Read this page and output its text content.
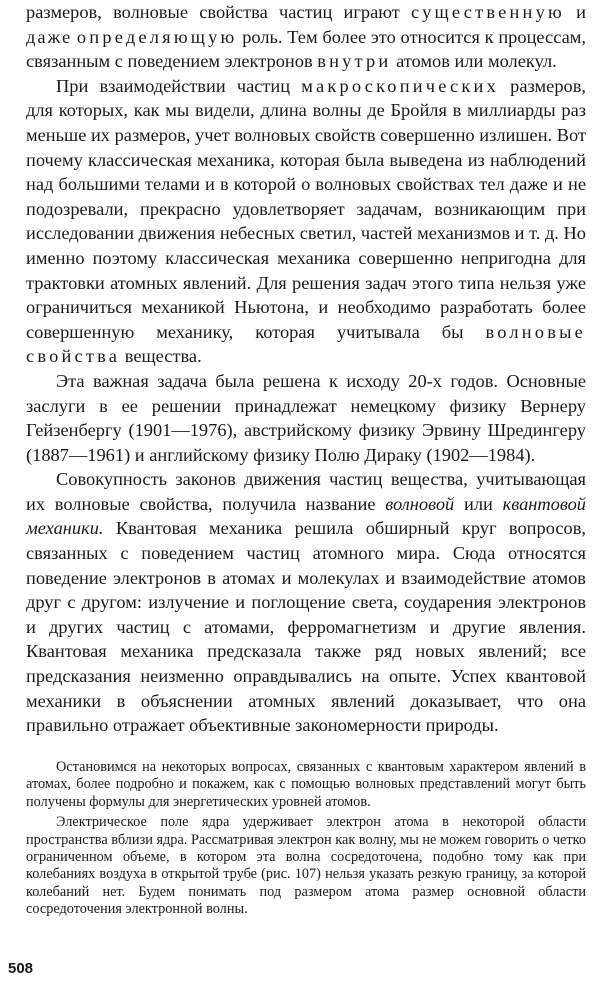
размеров, волновые свойства частиц играют существенную и даже определяющую роль. Тем более это относится к процессам, связанным с поведением электронов внутри атомов или молекул.

При взаимодействии частиц макроскопических размеров, для которых, как мы видели, длина волны де Бройля в миллиарды раз меньше их размеров, учет волновых свойств совершенно излишен. Вот почему классическая механика, которая была выведена из наблюдений над большими телами и в которой о волновых свойствах тел даже и не подозревали, прекрасно удовлетворяет задачам, возникающим при исследовании движения небесных светил, частей механизмов и т. д. Но именно поэтому классическая механика совершенно непригодна для трактовки атомных явлений. Для решения задач этого типа нельзя уже ограничиться механикой Ньютона, и необходимо разработать более совершенную механику, которая учитывала бы волновые свойства вещества.

Эта важная задача была решена к исходу 20-х годов. Основные заслуги в ее решении принадлежат немецкому физику Вернеру Гейзенбергу (1901—1976), австрийскому физику Эрвину Шредингеру (1887—1961) и английскому физику Полю Дираку (1902—1984).

Совокупность законов движения частиц вещества, учитывающая их волновые свойства, получила название волновой или квантовой механики. Квантовая механика решила обширный круг вопросов, связанных с поведением частиц атомного мира. Сюда относятся поведение электронов в атомах и молекулах и взаимодействие атомов друг с другом: излучение и поглощение света, соударения электронов и других частиц с атомами, ферромагнетизм и другие явления. Квантовая механика предсказала также ряд новых явлений; все предсказания неизменно оправдывались на опыте. Успех квантовой механики в объяснении атомных явлений доказывает, что она правильно отражает объективные закономерности природы.

Остановимся на некоторых вопросах, связанных с квантовым характером явлений в атомах, более подробно и покажем, как с помощью волновых представлений могут быть получены формулы для энергетических уровней атомов.

Электрическое поле ядра удерживает электрон атома в некоторой области пространства вблизи ядра. Рассматривая электрон как волну, мы не можем говорить о четко ограниченном объеме, в котором эта волна сосредоточена, подобно тому как при колебаниях воздуха в открытой трубе (рис. 107) нельзя указать резкую границу, за которой колебаний нет. Будем понимать под размером атома размер основной области сосредоточения электронной волны.

508
